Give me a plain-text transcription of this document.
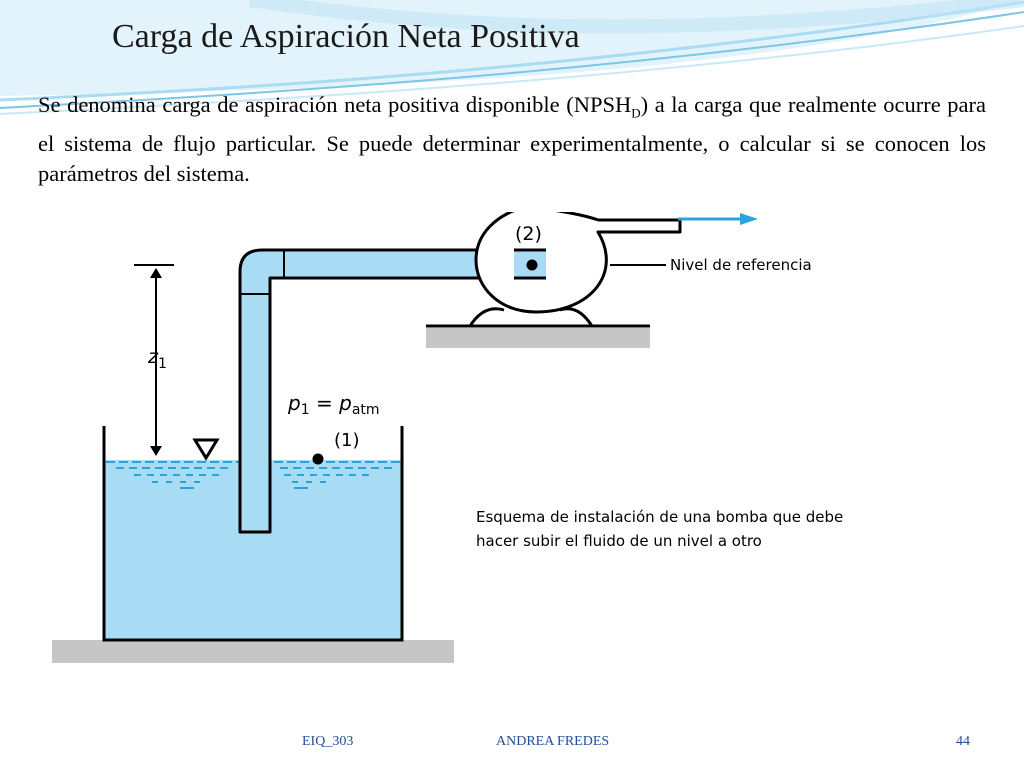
Carga de Aspiración Neta Positiva

Se denomina carga de aspiración neta positiva disponible $(NPSH_D)$ a la carga que realmente ocurre para el sistema de flujo particular. Se puede determinar experimentalmente, o calcular si se conocen los parámetros del sistema.

(2)
Nivel de referencia
$z_1$
$p_1 = p_{atm}$
(1)
Esquema de instalación de una bomba que debe
hacer subir el fluido de un nivel a otro
EIQ_303	ANDREA FREDES	44
